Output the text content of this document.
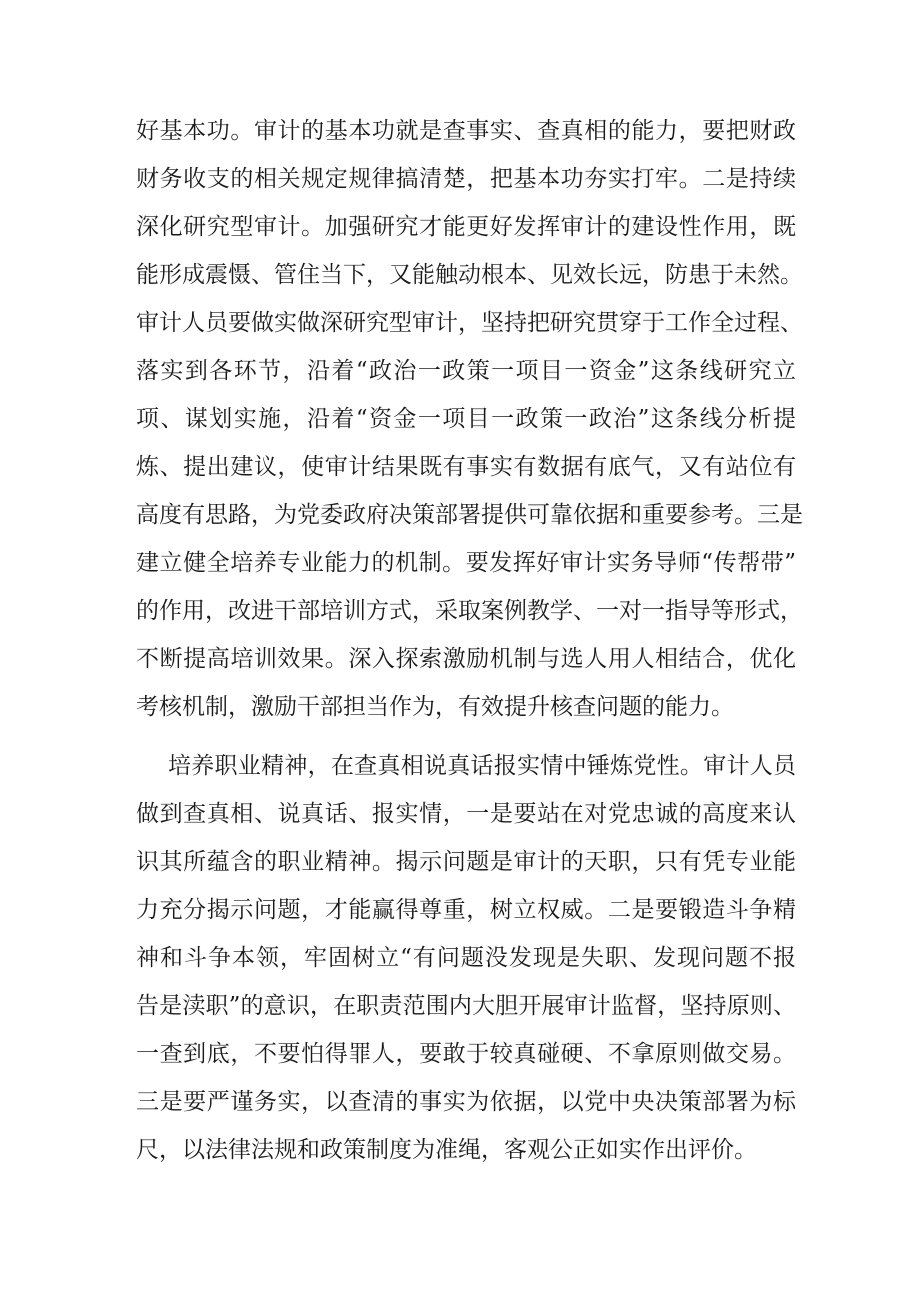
好基本功。审计的基本功就是查事实、查真相的能力，要把财政
财务收支的相关规定规律搞清楚，把基本功夯实打牢。二是持续
深化研究型审计。加强研究才能更好发挥审计的建设性作用，既
能形成震慑、管住当下，又能触动根本、见效长远，防患于未然。
审计人员要做实做深研究型审计，坚持把研究贯穿于工作全过程、
落实到各环节，沿着“政治一政策一项目一资金”这条线研究立
项、谋划实施，沿着“资金一项目一政策一政治”这条线分析提
炼、提出建议，使审计结果既有事实有数据有底气，又有站位有
高度有思路，为党委政府决策部署提供可靠依据和重要参考。三是
建立健全培养专业能力的机制。要发挥好审计实务导师“传帮带”
的作用，改进干部培训方式，采取案例教学、一对一指导等形式，
不断提高培训效果。深入探索激励机制与选人用人相结合，优化
考核机制，激励干部担当作为，有效提升核查问题的能力。
培养职业精神，在查真相说真话报实情中锤炼党性。审计人员
做到查真相、说真话、报实情，一是要站在对党忠诚的高度来认
识其所蕴含的职业精神。揭示问题是审计的天职，只有凭专业能
力充分揭示问题，才能赢得尊重，树立权威。二是要锻造斗争精
神和斗争本领，牢固树立“有问题没发现是失职、发现问题不报
告是渎职”的意识，在职责范围内大胆开展审计监督，坚持原则、
一查到底，不要怕得罪人，要敢于较真碰硬、不拿原则做交易。
三是要严谨务实，以查清的事实为依据，以党中央决策部署为标
尺，以法律法规和政策制度为准绳，客观公正如实作出评价。
